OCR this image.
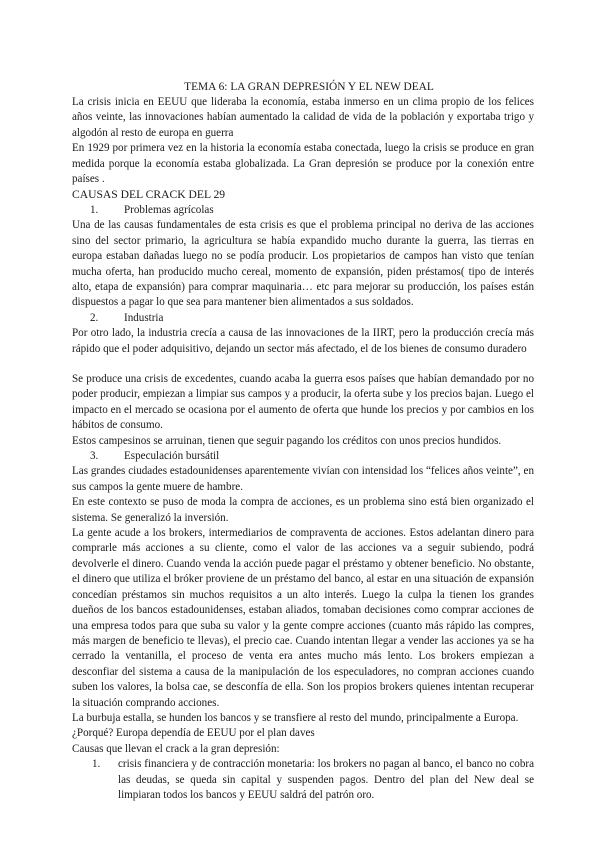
TEMA 6: LA GRAN DEPRESIÓN Y EL NEW DEAL

La crisis inicia en EEUU que lideraba la economía, estaba inmerso en un clima propio de los felices años veinte, las innovaciones habían aumentado la calidad de vida de la población y exportaba trigo y algodón al resto de europa en guerra

En 1929 por primera vez en la historia la economía estaba conectada, luego la crisis se produce en gran medida porque la economía estaba globalizada. La Gran depresión se produce por la conexión entre países .

CAUSAS DEL CRACK DEL 29
1. Problemas agrícolas

Una de las causas fundamentales de esta crisis es que el problema principal no deriva de las acciones sino del sector primario, la agricultura se había expandido mucho durante la guerra, las tierras en europa estaban dañadas luego no se podía producir. Los propietarios de campos han visto que tenían mucha oferta, han producido mucho cereal, momento de expansión, piden préstamos( tipo de interés alto, etapa de expansión) para comprar maquinaria… etc para mejorar su producción, los países están dispuestos a pagar lo que sea para mantener bien alimentados a sus soldados.

2. Industria

Por otro lado, la industria crecía a causa de las innovaciones de la IIRT, pero la producción crecía más rápido que el poder adquisitivo, dejando un sector más afectado, el de los bienes de consumo duradero

Se produce una crisis de excedentes, cuando acaba la guerra esos países que habían demandado por no poder producir, empiezan a limpiar sus campos y a producir, la oferta sube y los precios bajan. Luego el impacto en el mercado se ocasiona por el aumento de oferta que hunde los precios y por cambios en los hábitos de consumo.

Estos campesinos se arruinan, tienen que seguir pagando los créditos con unos precios hundidos.

3. Especulación bursátil

Las grandes ciudades estadounidenses aparentemente vivían con intensidad los “felices años veinte”, en sus campos la gente muere de hambre.

En este contexto se puso de moda la compra de acciones, es un problema sino está bien organizado el sistema. Se generalizó la inversión.

La gente acude a los brokers, intermediarios de compraventa de acciones. Estos adelantan dinero para comprarle más acciones a su cliente, como el valor de las acciones va a seguir subiendo, podrá devolverle el dinero. Cuando venda la acción puede pagar el préstamo y obtener beneficio. No obstante, el dinero que utiliza el bróker proviene de un préstamo del banco, al estar en una situación de expansión concedían préstamos sin muchos requisitos a un alto interés. Luego la culpa la tienen los grandes dueños de los bancos estadounidenses, estaban aliados, tomaban decisiones como comprar acciones de una empresa todos para que suba su valor y la gente compre acciones (cuanto más rápido las compres, más margen de beneficio te llevas), el precio cae. Cuando intentan llegar a vender las acciones ya se ha cerrado la ventanilla, el proceso de venta era antes mucho más lento. Los brokers empiezan a desconfiar del sistema a causa de la manipulación de los especuladores, no compran acciones cuando suben los valores, la bolsa cae, se desconfía de ella. Son los propios brokers quienes intentan recuperar la situación comprando acciones.

La burbuja estalla, se hunden los bancos y se transfiere al resto del mundo, principalmente a Europa.

¿Porqué? Europa dependía de EEUU por el plan daves

Causas que llevan el crack a la gran depresión:

1. crisis financiera y de contracción monetaria: los brokers no pagan al banco, el banco no cobra las deudas, se queda sin capital y suspenden pagos. Dentro del plan del New deal se limpiaran todos los bancos y EEUU saldrá del patrón oro.
